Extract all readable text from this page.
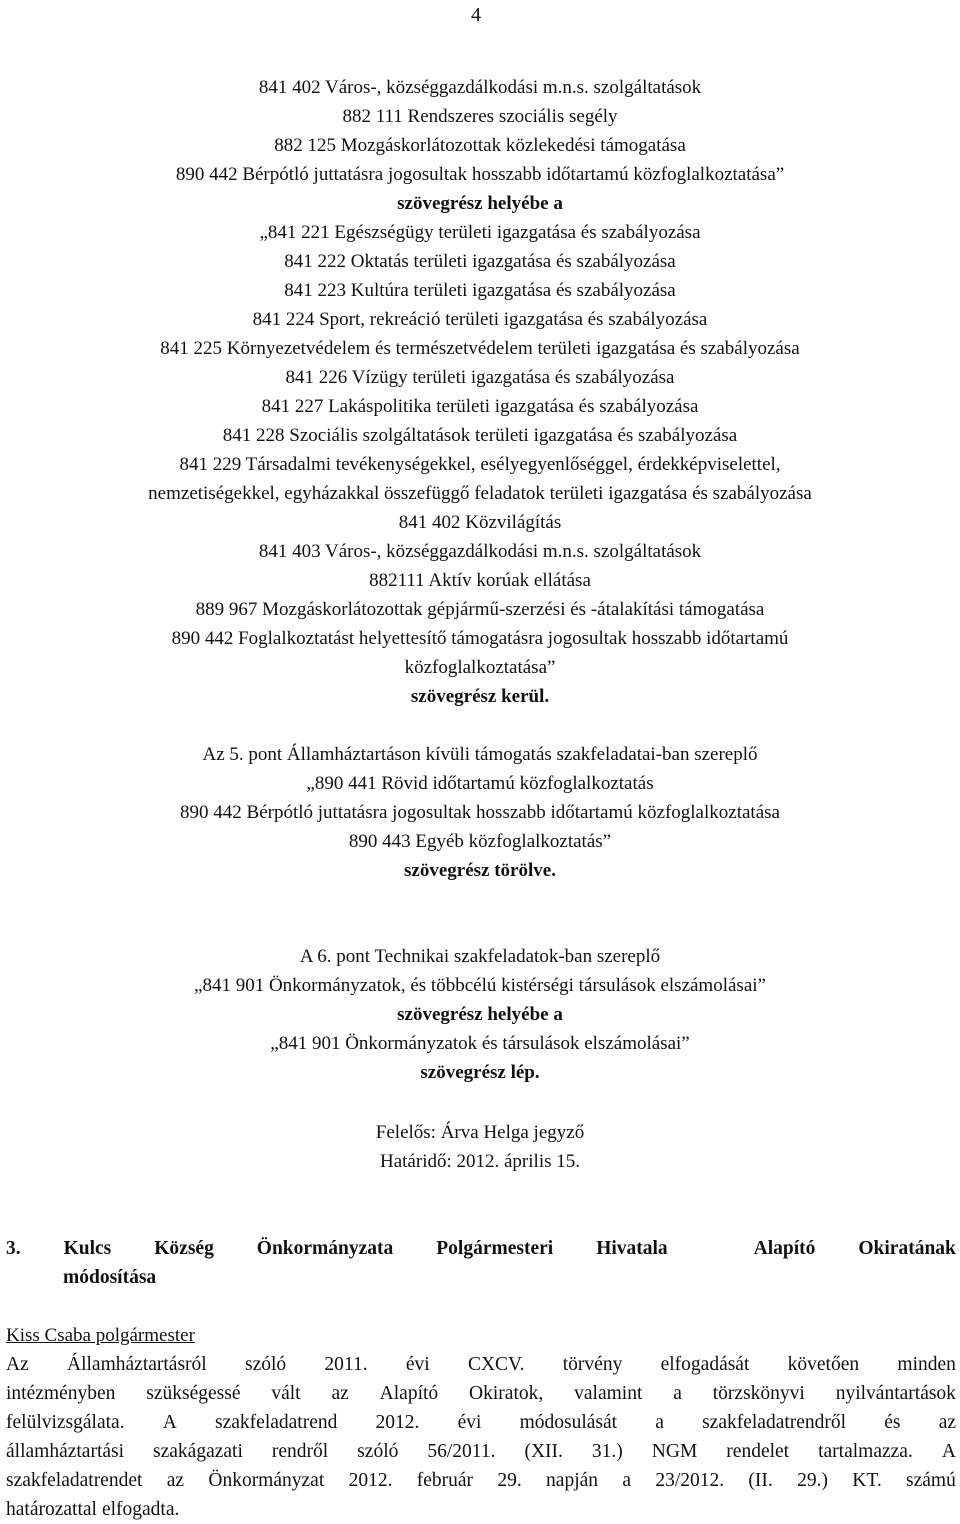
4
841 402 Város-, községgazdálkodási m.n.s. szolgáltatások
882 111 Rendszeres szociális segély
882 125 Mozgáskorlátozottak közlekedési támogatása
890 442 Bérpótló juttatásra jogosultak hosszabb időtartamú közfoglalkoztatása”
szövegrész helyébe a
„841 221 Egészségügy területi igazgatása és szabályozása
841 222 Oktatás területi igazgatása és szabályozása
841 223 Kultúra területi igazgatása és szabályozása
841 224 Sport, rekreáció területi igazgatása és szabályozása
841 225 Környezetvédelem és természetvédelem területi igazgatása és szabályozása
841 226 Vízügy területi igazgatása és szabályozása
841 227 Lakáspolitika területi igazgatása és szabályozása
841 228 Szociális szolgáltatások területi igazgatása és szabályozása
841 229 Társadalmi tevékenységekkel, esélyegyenlőséggel, érdekképviselettel,
nemzetiségekkel, egyházakkal összefüggő feladatok területi igazgatása és szabályozása
841 402 Közvilágítás
841 403 Város-, községgazdálkodási m.n.s. szolgáltatások
882111 Aktív korúak ellátása
889 967 Mozgáskorlátozottak gépjármű-szerzési és -átalakítási támogatása
890 442 Foglalkoztatást helyettesítő támogatásra jogosultak hosszabb időtartamú
közfoglalkoztatása”
szövegrész kerül.
Az 5. pont Államháztartáson kívüli támogatás szakfeladatai-ban szereplő
„890 441 Rövid időtartamú közfoglalkoztatás
890 442 Bérpótló juttatásra jogosultak hosszabb időtartamú közfoglalkoztatása
890 443 Egyéb közfoglalkoztatás”
szövegrész törölve.
A 6. pont Technikai szakfeladatok-ban szereplő
„841 901 Önkormányzatok, és többcélú kistérségi társulások elszámolásai”
szövegrész helyébe a
„841 901 Önkormányzatok és társulások elszámolásai”
szövegrész lép.
Felelős: Árva Helga jegyző
Határidő: 2012. április 15.
3. Kulcs Község Önkormányzata Polgármesteri Hivatala	Alapító Okiratának
módosítása
Kiss Csaba polgármester
Az Államháztartásról szóló 2011. évi CXCV. törvény elfogadását követően minden
intézményben szükségessé vált az Alapító Okiratok, valamint a törzskönyvi nyilvántartások
felülvizsgálata. A szakfeladatrend 2012. évi módosulását a szakfeladatrendről és az
államháztartási szakágazati rendről szóló 56/2011. (XII. 31.) NGM rendelet tartalmazza. A
szakfeladatrendet az Önkormányzat 2012. február 29. napján a 23/2012. (II. 29.) KT. számú
határozattal elfogadta.
